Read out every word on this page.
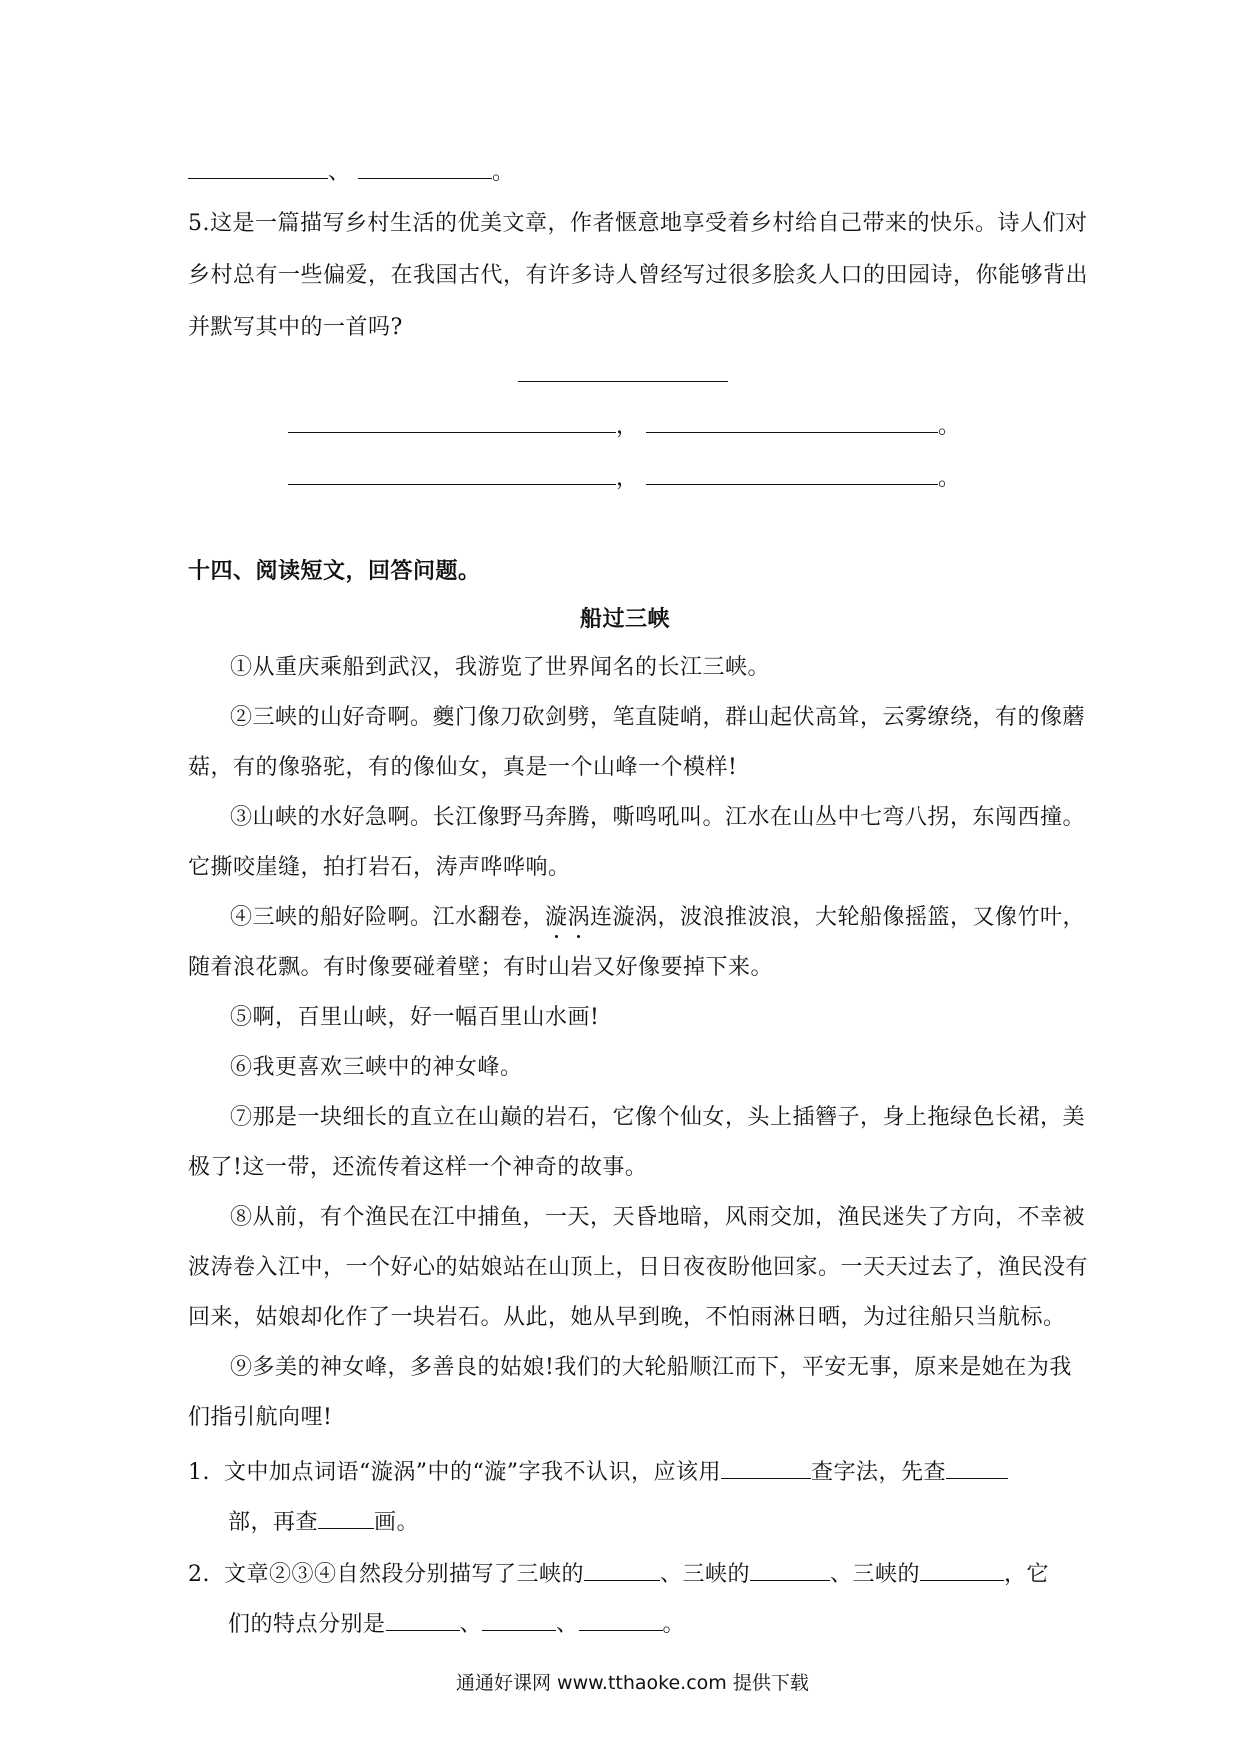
、	。
5.这是一篇描写乡村生活的优美文章，作者惬意地享受着乡村给自己带来的快乐。诗人们对
乡村总有一些偏爱，在我国古代，有许多诗人曾经写过很多脍炙人口的田园诗，你能够背出
并默写其中的一首吗?
，	。
，	。
十四、阅读短文，回答问题。
船过三峡
①从重庆乘船到武汉，我游览了世界闻名的长江三峡。
②三峡的山好奇啊。夔门像刀砍剑劈，笔直陡峭，群山起伏高耸，云雾缭绕，有的像蘑
菇，有的像骆驼，有的像仙女，真是一个山峰一个模样!
③山峡的水好急啊。长江像野马奔腾，嘶鸣吼叫。江水在山丛中七弯八拐，东闯西撞。
它撕咬崖缝，拍打岩石，涛声哗哗响。
④三峡的船好险啊。江水翻卷，漩涡连漩涡，波浪推波浪，大轮船像摇篮，又像竹叶，
随着浪花飘。有时像要碰着壁；有时山岩又好像要掉下来。
⑤啊，百里山峡，好一幅百里山水画!
⑥我更喜欢三峡中的神女峰。
⑦那是一块细长的直立在山巅的岩石，它像个仙女，头上插簪子，身上拖绿色长裙，美
极了!这一带，还流传着这样一个神奇的故事。
⑧从前，有个渔民在江中捕鱼，一天，天昏地暗，风雨交加，渔民迷失了方向，不幸被
波涛卷入江中，一个好心的姑娘站在山顶上，日日夜夜盼他回家。一天天过去了，渔民没有
回来，姑娘却化作了一块岩石。从此，她从早到晚，不怕雨淋日晒，为过往船只当航标。
⑨多美的神女峰，多善良的姑娘!我们的大轮船顺江而下，平安无事，原来是她在为我
们指引航向哩!
1. 文中加点词语“漩涡”中的“漩”字我不认识，应该用	查字法，先查
部，再查	画。
2. 文章②③④自然段分别描写了三峡的	、三峡的	、三峡的	，它
们的特点分别是	、	、	。
通通好课网 www.tthaoke.com 提供下载
